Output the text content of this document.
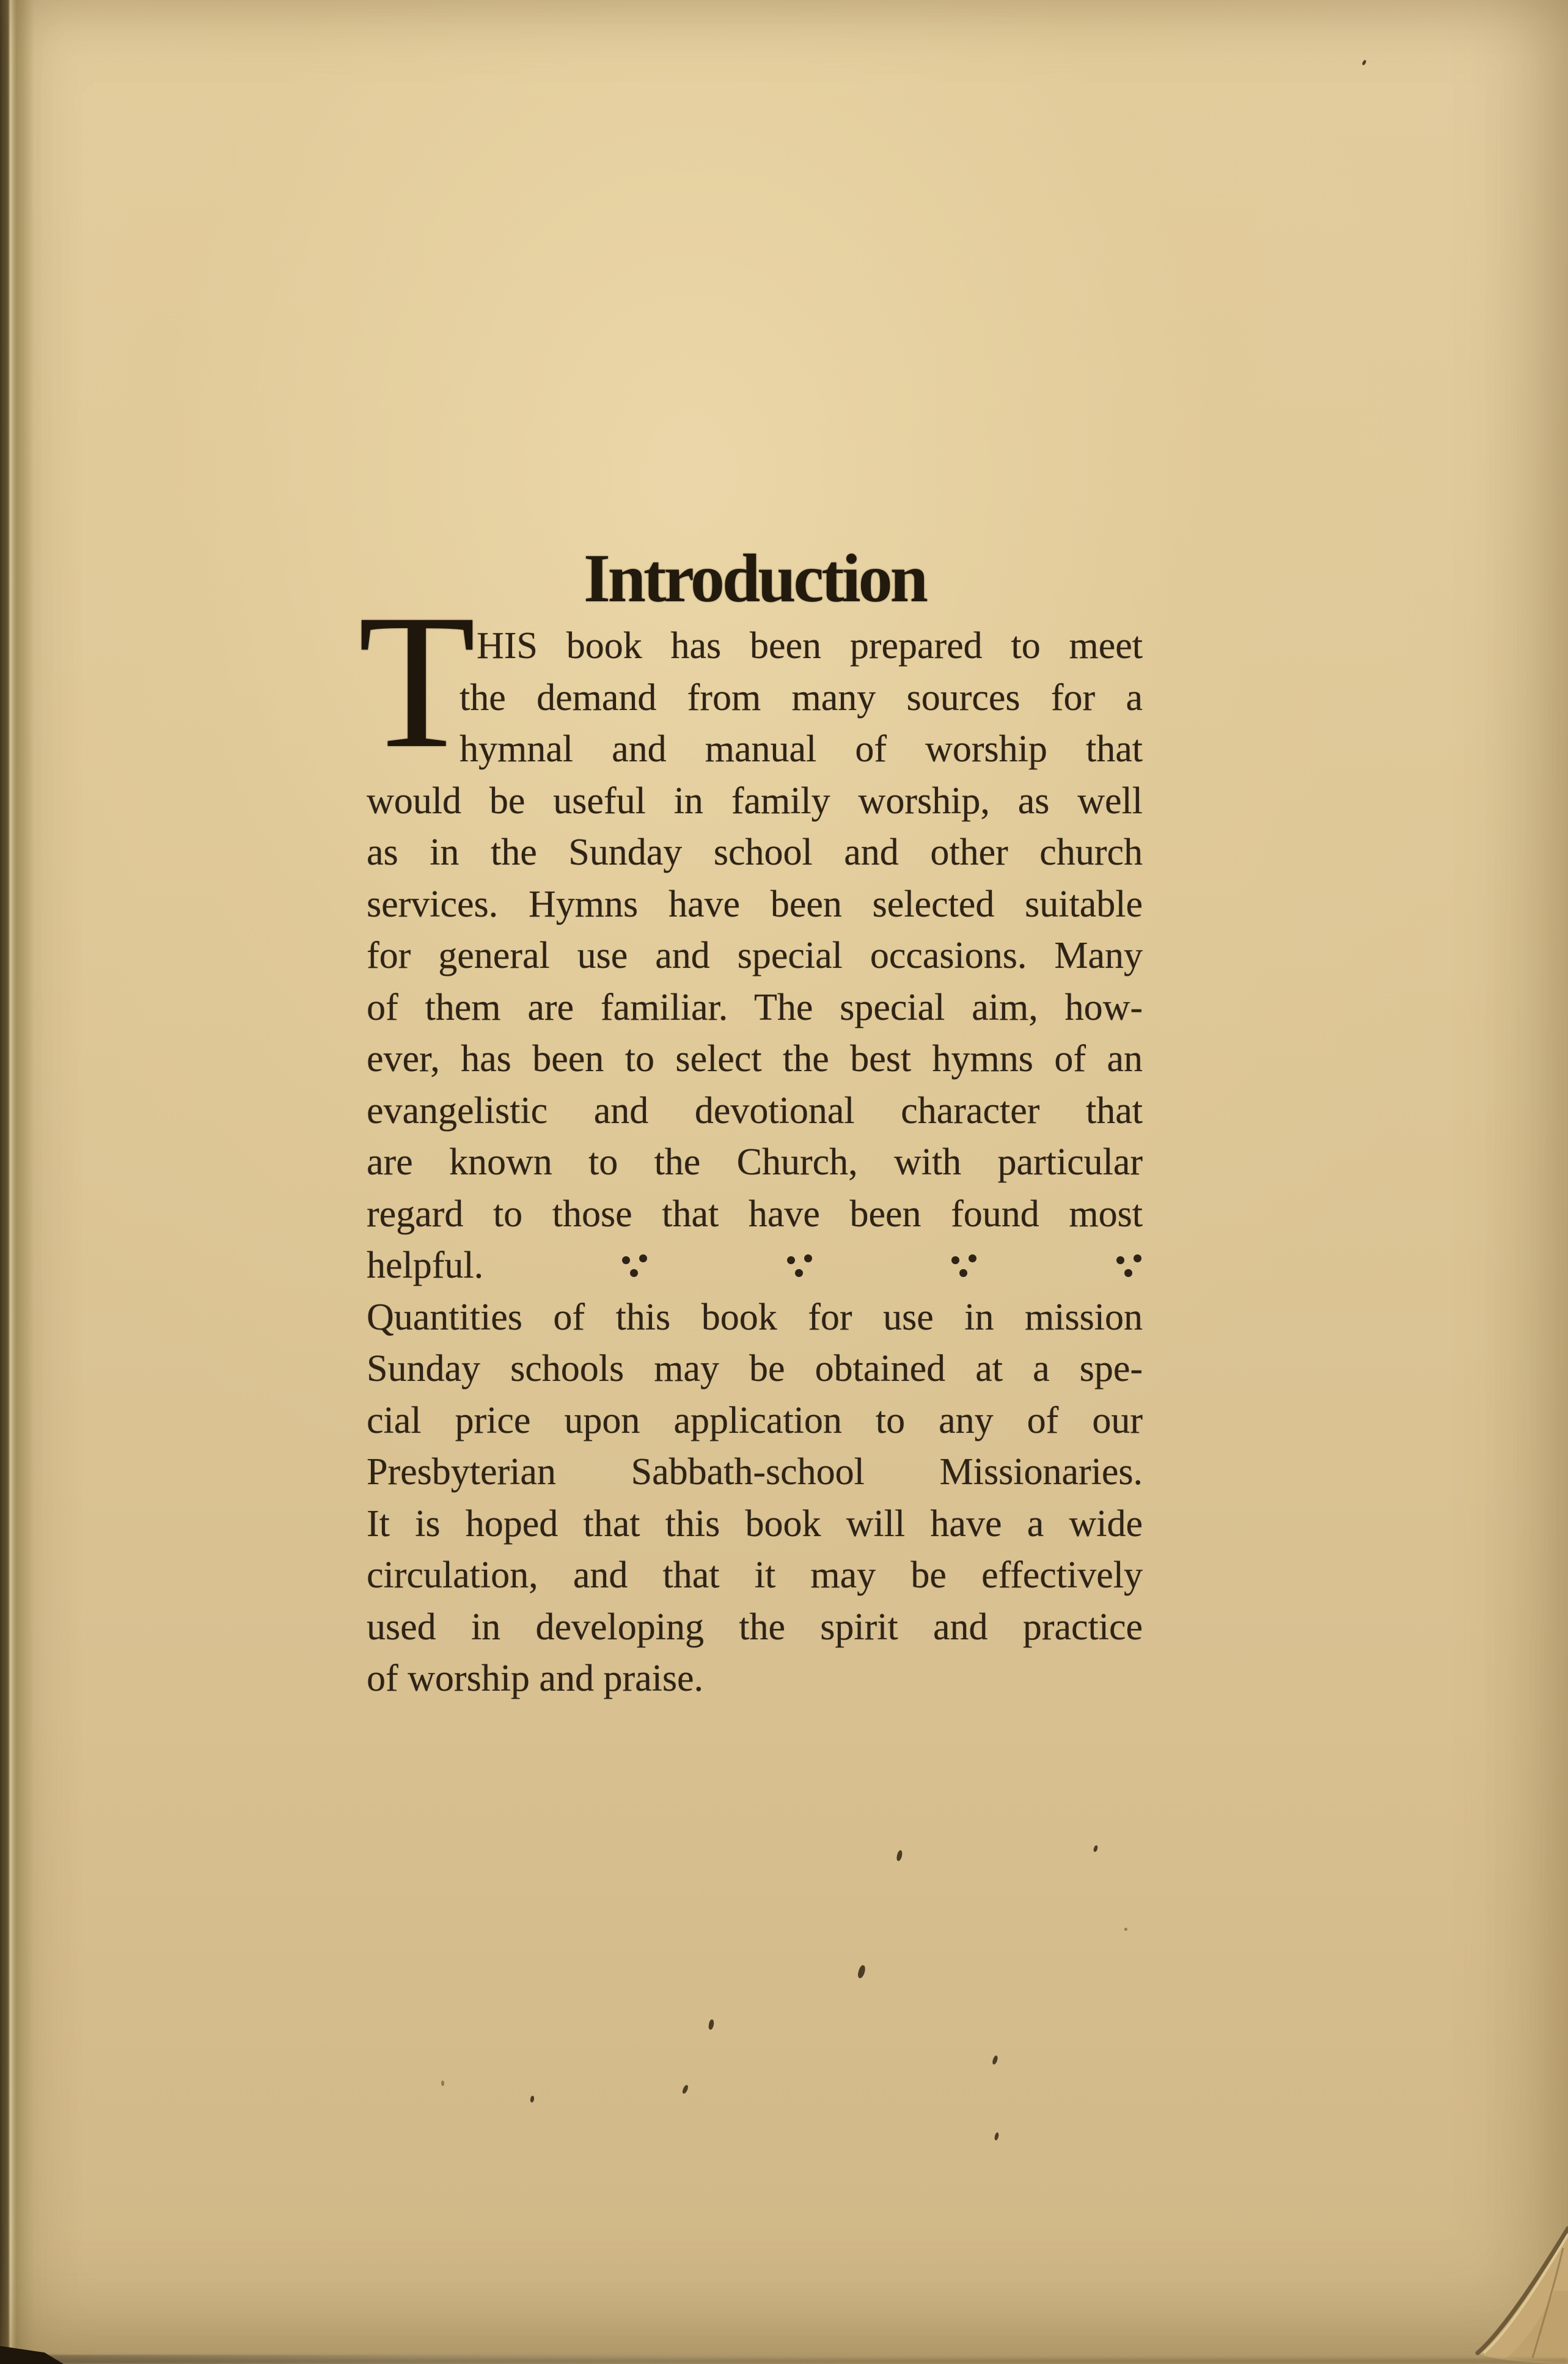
Introduction
T HIS book has been prepared to meet
the demand from many sources for a
hymnal and manual of worship that
would be useful in family worship, as well
as in the Sunday school and other church
services. Hymns have been selected suitable
for general use and special occasions. Many
of them are familiar. The special aim, how-
ever, has been to select the best hymns of an
evangelistic and devotional character that
are known to the Church, with particular
regard to those that have been found most
helpful.
Quantities of this book for use in mission
Sunday schools may be obtained at a spe-
cial price upon application to any of our
Presbyterian Sabbath-school Missionaries.
It is hoped that this book will have a wide
circulation, and that it may be effectively
used in developing the spirit and practice
of worship and praise.
